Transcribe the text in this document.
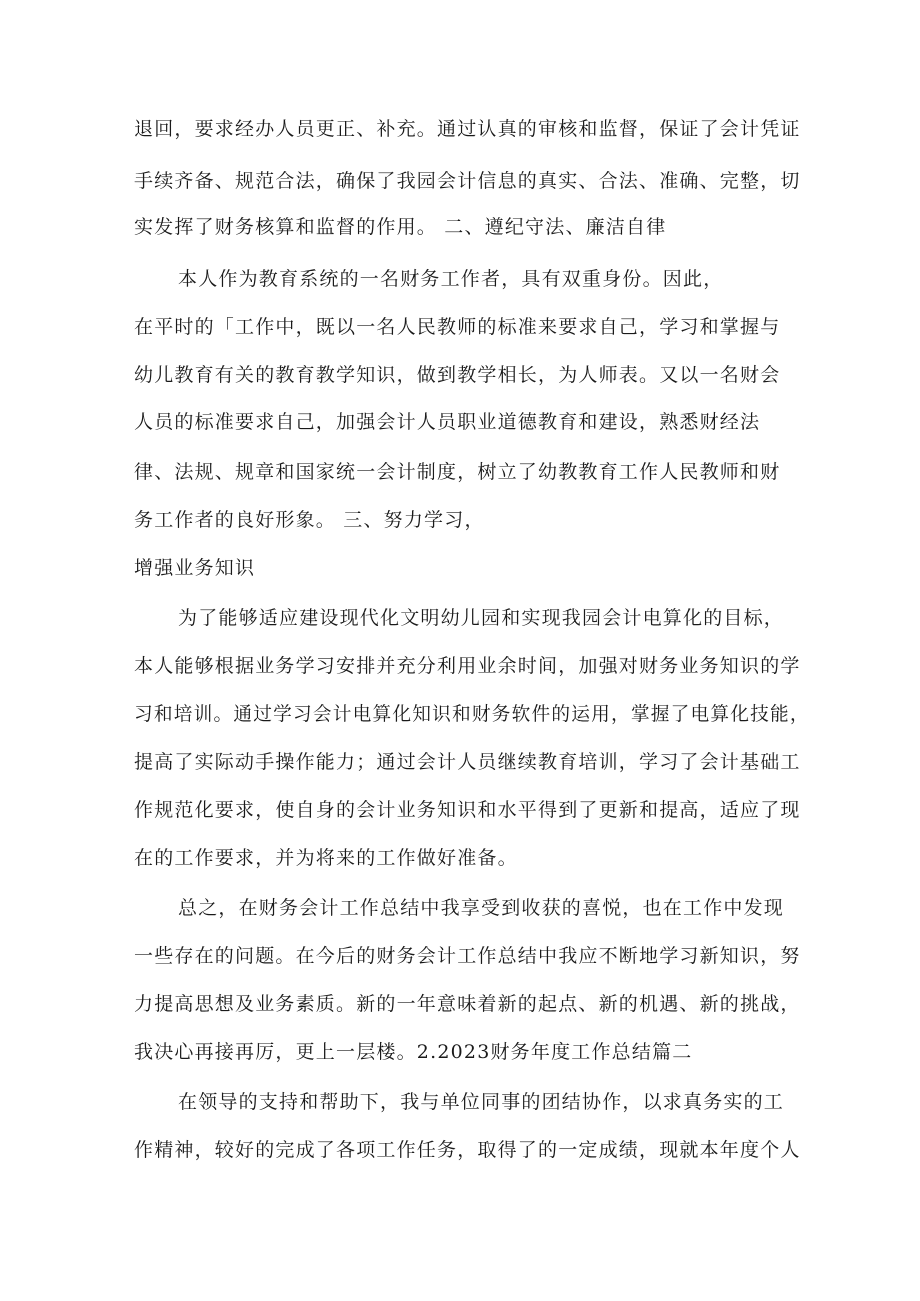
退回，要求经办人员更正、补充。通过认真的审核和监督，保证了会计凭证
手续齐备、规范合法，确保了我园会计信息的真实、合法、准确、完整，切
实发挥了财务核算和监督的作用。 二、遵纪守法、廉洁自律
本人作为教育系统的一名财务工作者，具有双重身份。因此，
在平时的「工作中，既以一名人民教师的标准来要求自己，学习和掌握与
幼儿教育有关的教育教学知识，做到教学相长，为人师表。又以一名财会
人员的标准要求自己，加强会计人员职业道德教育和建设，熟悉财经法
律、法规、规章和国家统一会计制度，树立了幼教教育工作人民教师和财
务工作者的良好形象。 三、努力学习，
增强业务知识
为了能够适应建设现代化文明幼儿园和实现我园会计电算化的目标，
本人能够根据业务学习安排并充分利用业余时间，加强对财务业务知识的学
习和培训。通过学习会计电算化知识和财务软件的运用，掌握了电算化技能，
提高了实际动手操作能力；通过会计人员继续教育培训，学习了会计基础工
作规范化要求，使自身的会计业务知识和水平得到了更新和提高，适应了现
在的工作要求，并为将来的工作做好准备。
总之，在财务会计工作总结中我享受到收获的喜悦，也在工作中发现
一些存在的问题。在今后的财务会计工作总结中我应不断地学习新知识，努
力提高思想及业务素质。新的一年意味着新的起点、新的机遇、新的挑战，
我决心再接再厉，更上一层楼。2.2023财务年度工作总结篇二
在领导的支持和帮助下，我与单位同事的团结协作，以求真务实的工
作精神，较好的完成了各项工作任务，取得了的一定成绩，现就本年度个人
